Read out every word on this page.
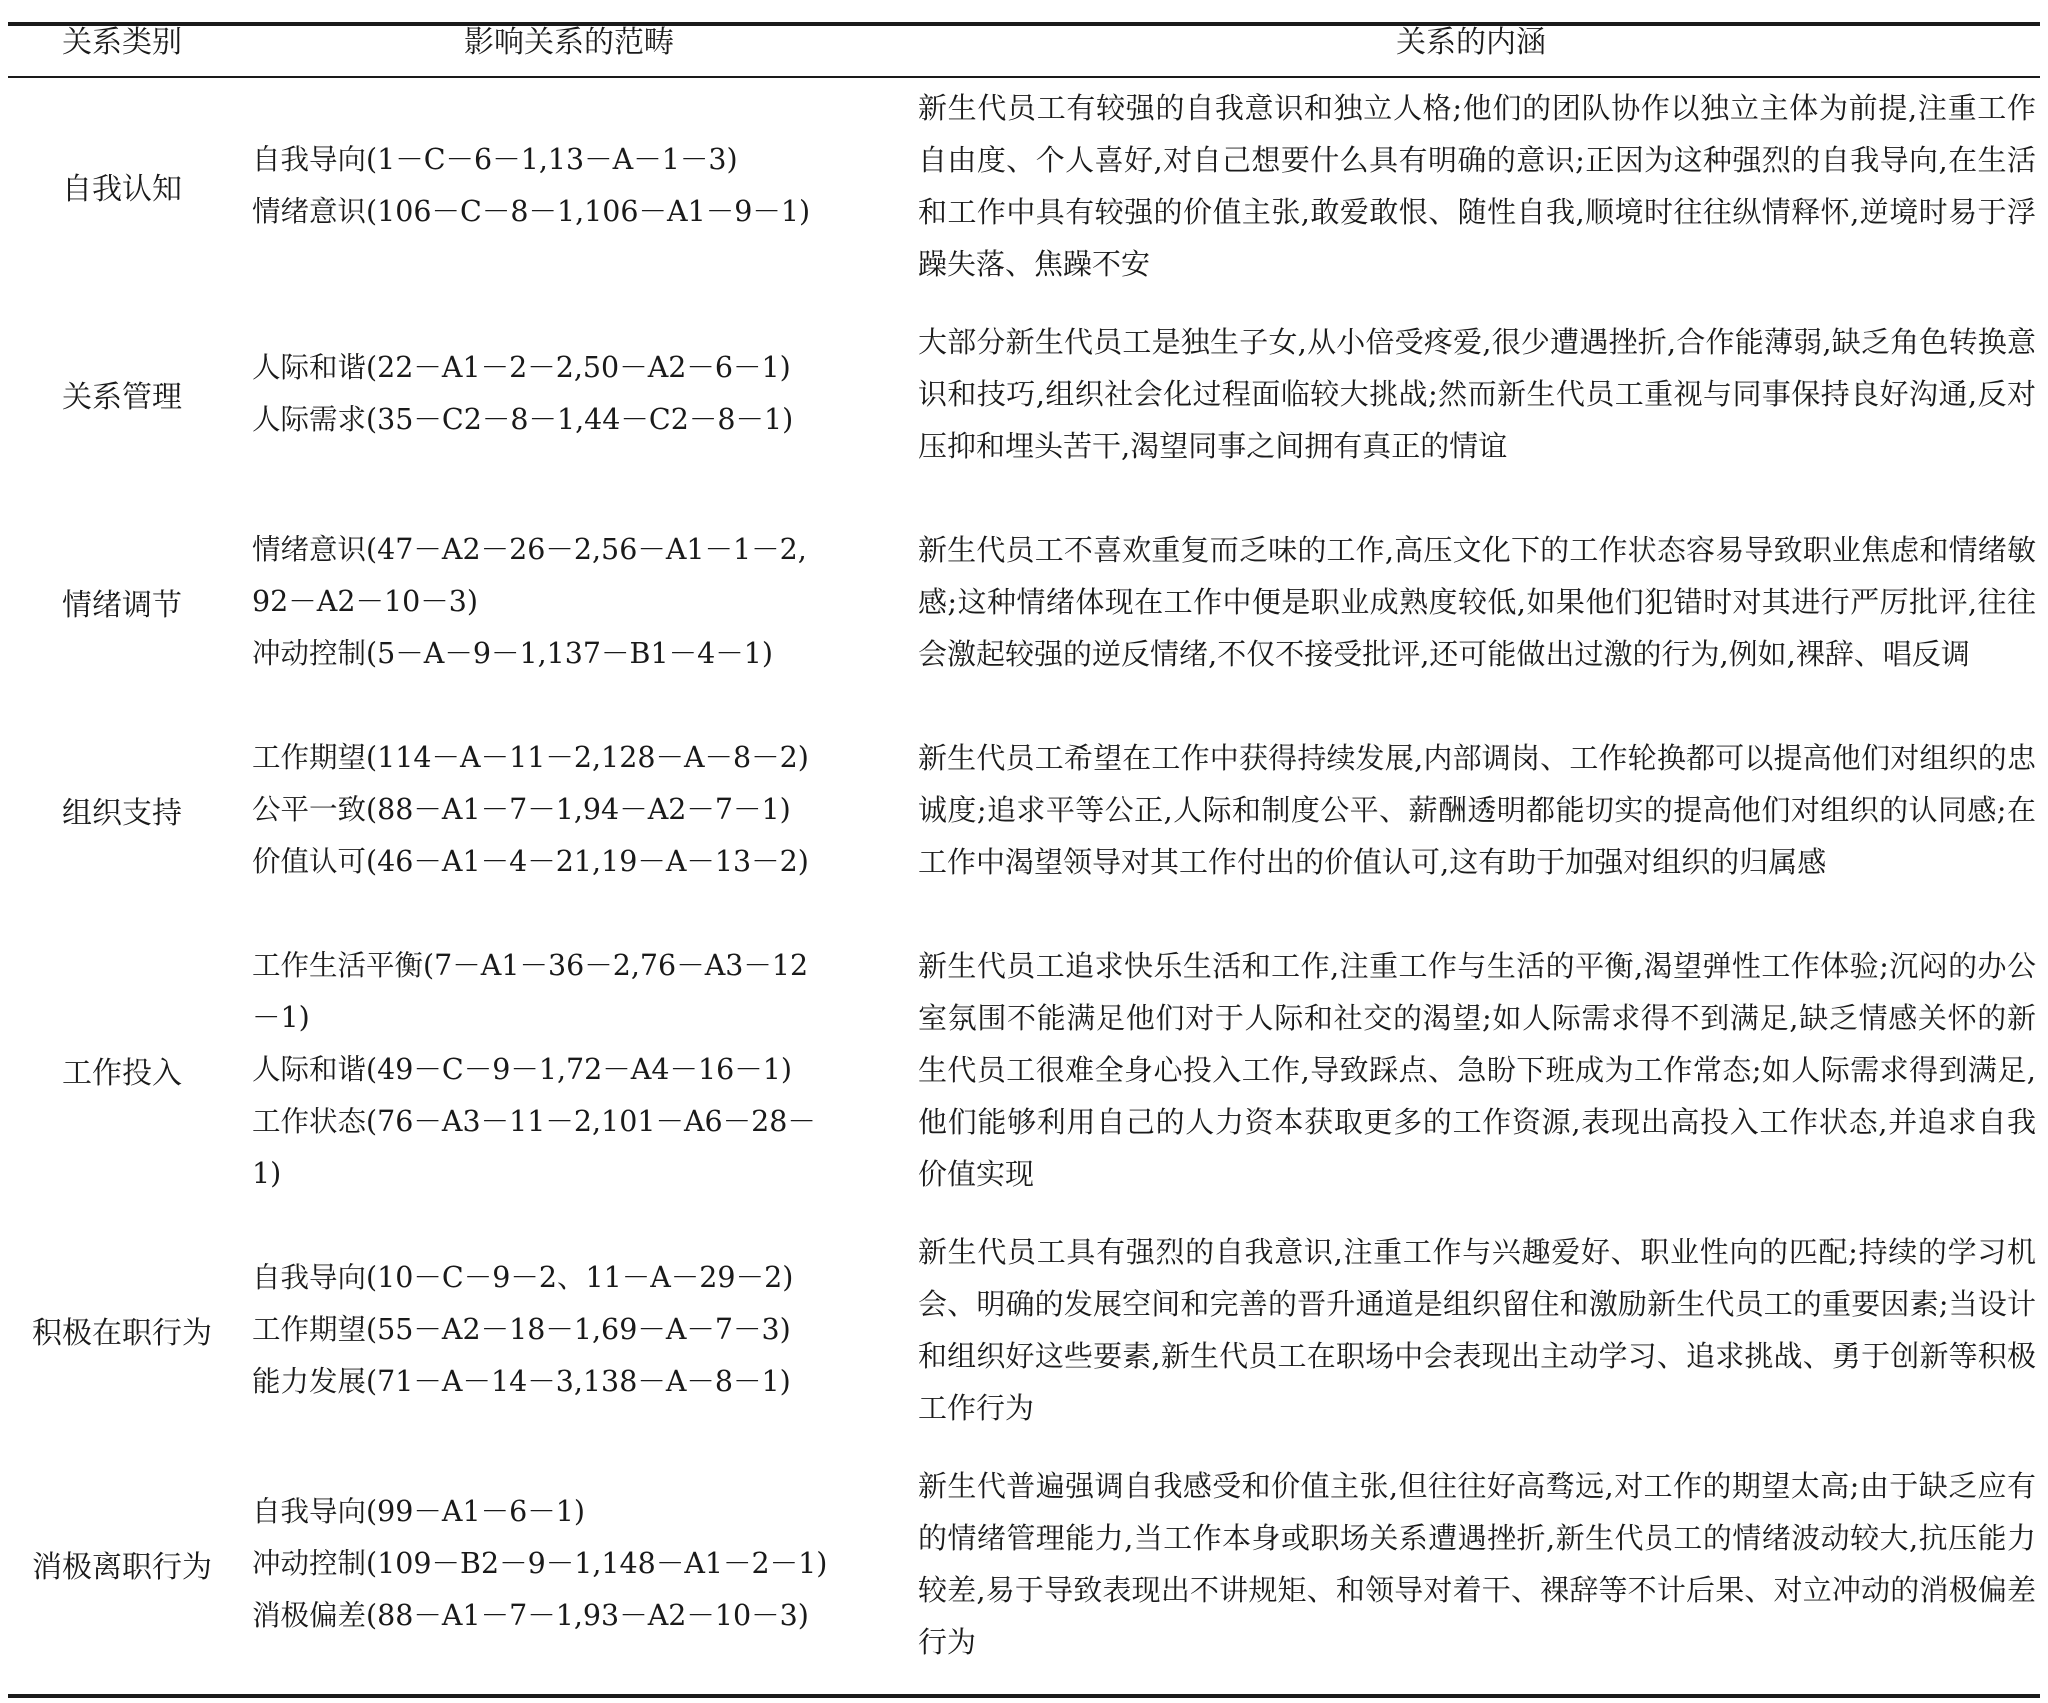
关系类别	影响关系的范畴	关系的内涵
自我认知
自我导向(1－C－6－1,13－A－1－3)
情绪意识(106－C－8－1,106－A1－9－1)
新生代员工有较强的自我意识和独立人格;他们的团队协作以独立主体为前提,注重工作自由度、个人喜好,对自己想要什么具有明确的意识;正因为这种强烈的自我导向,在生活和工作中具有较强的价值主张,敢爱敢恨、随性自我,顺境时往往纵情释怀,逆境时易于浮躁失落、焦躁不安
关系管理
人际和谐(22－A1－2－2,50－A2－6－1)
人际需求(35－C2－8－1,44－C2－8－1)
大部分新生代员工是独生子女,从小倍受疼爱,很少遭遇挫折,合作能薄弱,缺乏角色转换意识和技巧,组织社会化过程面临较大挑战;然而新生代员工重视与同事保持良好沟通,反对压抑和埋头苦干,渴望同事之间拥有真正的情谊
情绪调节
情绪意识(47－A2－26－2,56－A1－1－2,
92－A2－10－3)
冲动控制(5－A－9－1,137－B1－4－1)
新生代员工不喜欢重复而乏味的工作,高压文化下的工作状态容易导致职业焦虑和情绪敏感;这种情绪体现在工作中便是职业成熟度较低,如果他们犯错时对其进行严厉批评,往往会激起较强的逆反情绪,不仅不接受批评,还可能做出过激的行为,例如,裸辞、唱反调
组织支持
工作期望(114－A－11－2,128－A－8－2)
公平一致(88－A1－7－1,94－A2－7－1)
价值认可(46－A1－4－21,19－A－13－2)
新生代员工希望在工作中获得持续发展,内部调岗、工作轮换都可以提高他们对组织的忠诚度;追求平等公正,人际和制度公平、薪酬透明都能切实的提高他们对组织的认同感;在工作中渴望领导对其工作付出的价值认可,这有助于加强对组织的归属感
工作投入
工作生活平衡(7－A1－36－2,76－A3－12
－1)
人际和谐(49－C－9－1,72－A4－16－1)
工作状态(76－A3－11－2,101－A6－28－
1)
新生代员工追求快乐生活和工作,注重工作与生活的平衡,渴望弹性工作体验;沉闷的办公室氛围不能满足他们对于人际和社交的渴望;如人际需求得不到满足,缺乏情感关怀的新生代员工很难全身心投入工作,导致踩点、急盼下班成为工作常态;如人际需求得到满足,他们能够利用自己的人力资本获取更多的工作资源,表现出高投入工作状态,并追求自我价值实现
积极在职行为
自我导向(10－C－9－2、11－A－29－2)
工作期望(55－A2－18－1,69－A－7－3)
能力发展(71－A－14－3,138－A－8－1)
新生代员工具有强烈的自我意识,注重工作与兴趣爱好、职业性向的匹配;持续的学习机会、明确的发展空间和完善的晋升通道是组织留住和激励新生代员工的重要因素;当设计和组织好这些要素,新生代员工在职场中会表现出主动学习、追求挑战、勇于创新等积极工作行为
消极离职行为
自我导向(99－A1－6－1)
冲动控制(109－B2－9－1,148－A1－2－1)
消极偏差(88－A1－7－1,93－A2－10－3)
新生代普遍强调自我感受和价值主张,但往往好高骛远,对工作的期望太高;由于缺乏应有的情绪管理能力,当工作本身或职场关系遭遇挫折,新生代员工的情绪波动较大,抗压能力较差,易于导致表现出不讲规矩、和领导对着干、裸辞等不计后果、对立冲动的消极偏差行为
